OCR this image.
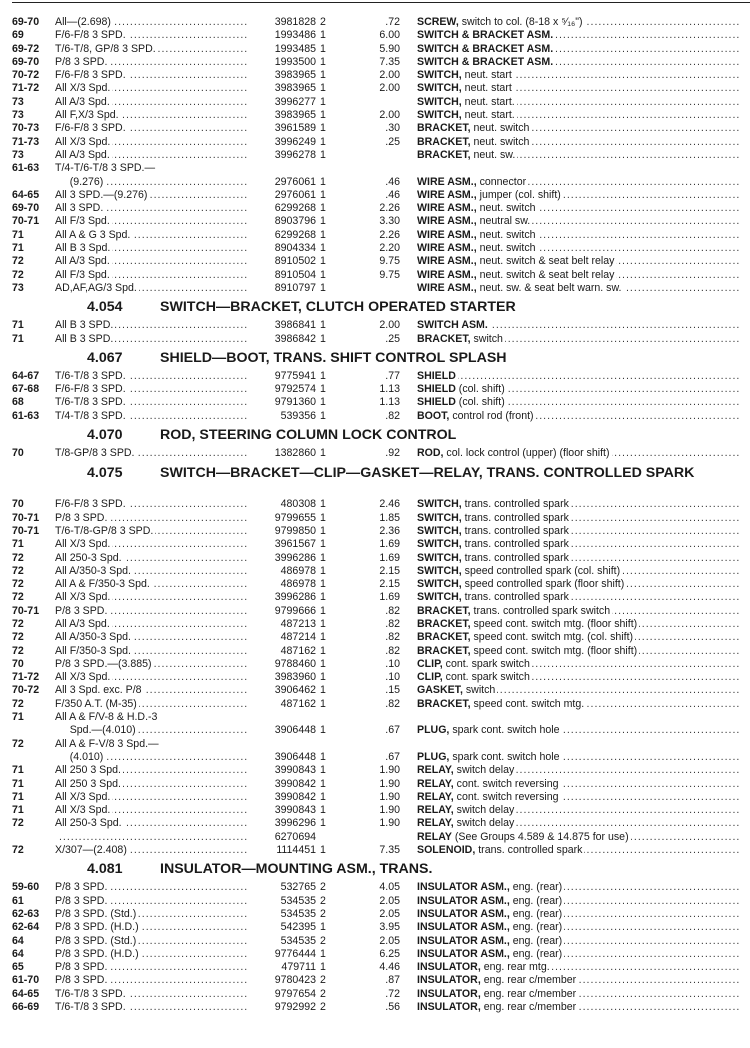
69-70	All—(2.698) .....	3981828 2	.72 SCREW, switch to col. (8-18 x ⁵⁄₁₆") .....
69	F/6-F/8 3 SPD. .....	1993486 1	6.00 SWITCH & BRACKET ASM. .....
69-72	T/6-T/8, GP/8 3 SPD. .....	1993485 1	5.90 SWITCH & BRACKET ASM. .....
69-70	P/8 3 SPD. .....	1993500 1	7.35 SWITCH & BRACKET ASM. .....
70-72	F/6-F/8 3 SPD. .....	3983965 1	2.00 SWITCH, neut. start .....
71-72	All X/3 Spd. .....	3983965 1	2.00 SWITCH, neut. start .....
73	All A/3 Spd. .....	3996277 1	SWITCH, neut. start. .....
73	All F,X/3 Spd. .....	3983965 1	2.00 SWITCH, neut. start. .....
70-73	F/6-F/8 3 SPD. .....	3961589 1	.30 BRACKET, neut. switch .....
71-73	All X/3 Spd. .....	3996249 1	.25 BRACKET, neut. switch .....
73	All A/3 Spd. .....	3996278 1	BRACKET, neut. sw. .....
61-63	T/4-T/6-T/8 3 SPD.—
(9.276) .....	2976061 1	.46 WIRE ASM., connector .....
64-65	All 3 SPD.—(9.276) .....	2976061 1	.46 WIRE ASM., jumper (col. shift) .....
69-70	All 3 SPD. .....	6299268 1	2.26 WIRE ASM., neut. switch .....
70-71	All F/3 Spd. .....	8903796 1	3.30 WIRE ASM., neutral sw. .....
71	All A & G 3 Spd. .....	6299268 1	2.26 WIRE ASM., neut. switch .....
71	All B 3 Spd. .....	8904334 1	2.20 WIRE ASM., neut. switch .....
72	All A/3 Spd. .....	8910502 1	9.75 WIRE ASM., neut. switch & seat belt relay .....
72	All F/3 Spd. .....	8910504 1	9.75 WIRE ASM., neut. switch & seat belt relay .....
73	AD,AF,AG/3 Spd. .....	8910797 1	WIRE ASM., neut. sw. & seat belt warn. sw. .....
4.054	SWITCH—BRACKET, CLUTCH OPERATED STARTER
71	All B 3 SPD. .....	3986841 1	2.00 SWITCH ASM. .....
71	All B 3 SPD. .....	3986842 1	.25 BRACKET, switch .....
4.067	SHIELD—BOOT, TRANS. SHIFT CONTROL SPLASH
64-67	T/6-T/8 3 SPD. .....	9775941 1	.77 SHIELD .....
67-68	F/6-F/8 3 SPD. .....	9792574 1	1.13 SHIELD (col. shift) .....
68	T/6-T/8 3 SPD. .....	9791360 1	1.13 SHIELD (col. shift) .....
61-63	T/4-T/8 3 SPD. .....	539356 1	.82 BOOT, control rod (front) .....
4.070	ROD, STEERING COLUMN LOCK CONTROL
70	T/8-GP/8 3 SPD. .....	1382860 1	.92 ROD, col. lock control (upper) (floor shift) .....
4.075	SWITCH—BRACKET—CLIP—GASKET—RELAY, TRANS. CONTROLLED SPARK
70	F/6-F/8 3 SPD. .....	480308 1	2.46 SWITCH, trans. controlled spark .....
70-71	P/8 3 SPD. .....	9799655 1	1.85 SWITCH, trans. controlled spark .....
70-71	T/6-T/8-GP/8 3 SPD. .....	9799850 1	2.36 SWITCH, trans. controlled spark .....
71	All X/3 Spd. .....	3961567 1	1.69 SWITCH, trans. controlled spark .....
72	All 250-3 Spd. .....	3996286 1	1.69 SWITCH, trans. controlled spark .....
72	All A/350-3 Spd. .....	486978 1	2.15 SWITCH, speed controlled spark (col. shift) .....
72	All A & F/350-3 Spd. .....	486978 1	2.15 SWITCH, speed controlled spark (floor shift) .....
72	All X/3 Spd. .....	3996286 1	1.69 SWITCH, trans. controlled spark .....
70-71	P/8 3 SPD. .....	9799666 1	.82 BRACKET, trans. controlled spark switch .....
72	All A/3 Spd. .....	487213 1	.82 BRACKET, speed cont. switch mtg. (floor shift) .....
72	All A/350-3 Spd. .....	487214 1	.82 BRACKET, speed cont. switch mtg. (col. shift) .....
72	All F/350-3 Spd. .....	487162 1	.82 BRACKET, speed cont. switch mtg. (floor shift) .....
70	P/8 3 SPD.—(3.885) .....	9788460 1	.10 CLIP, cont. spark switch .....
71-72	All X/3 Spd. .....	3983960 1	.10 CLIP, cont. spark switch .....
70-72	All 3 Spd. exc. P/8 .....	3906462 1	.15 GASKET, switch .....
72	F/350 A.T. (M-35) .....	487162 1	.82 BRACKET, speed cont. switch mtg. .....
71	All A & F/V-8 & H.D.-3
Spd.—(4.010) .....	3906448 1	.67 PLUG, spark cont. switch hole .....
72	All A & F-V/8 3 Spd.—
(4.010) .....	3906448 1	.67 PLUG, spark cont. switch hole .....
71	All 250 3 Spd. .....	3990843 1	1.90 RELAY, switch delay .....
71	All 250 3 Spd. .....	3990842 1	1.90 RELAY, cont. switch reversing .....
71	All X/3 Spd. .....	3990842 1	1.90 RELAY, cont. switch reversing .....
71	All X/3 Spd. .....	3990843 1	1.90 RELAY, switch delay .....
72	All 250-3 Spd. .....	3996296 1	1.90 RELAY, switch delay .....
.....
6270694	RELAY (See Groups 4.589 & 14.875 for use) .....
72	X/307—(2.408) .....	1114451 1	7.35 SOLENOID, trans. controlled spark .....
4.081	INSULATOR—MOUNTING ASM., TRANS.
59-60	P/8 3 SPD. .....	532765 2	4.05 INSULATOR ASM., eng. (rear) .....
61	P/8 3 SPD. .....	534535 2	2.05 INSULATOR ASM., eng. (rear) .....
62-63	P/8 3 SPD. (Std.) .....	534535 2	2.05 INSULATOR ASM., eng. (rear) .....
62-64	P/8 3 SPD. (H.D.) .....	542395 1	3.95 INSULATOR ASM., eng. (rear) .....
64	P/8 3 SPD. (Std.) .....	534535 2	2.05 INSULATOR ASM., eng. (rear) .....
64	P/8 3 SPD. (H.D.) .....	9776444 1	6.25 INSULATOR ASM., eng. (rear) .....
65	P/8 3 SPD. .....	479711 1	4.46 INSULATOR, eng. rear mtg. .....
61-70	P/8 3 SPD. .....	9780423 2	.87 INSULATOR, eng. rear c/member .....
64-65	T/6-T/8 3 SPD. .....	9797654 2	.72 INSULATOR, eng. rear c/member .....
66-69	T/6-T/8 3 SPD. .....	9792992 2	.56 INSULATOR, eng. rear c/member .....
